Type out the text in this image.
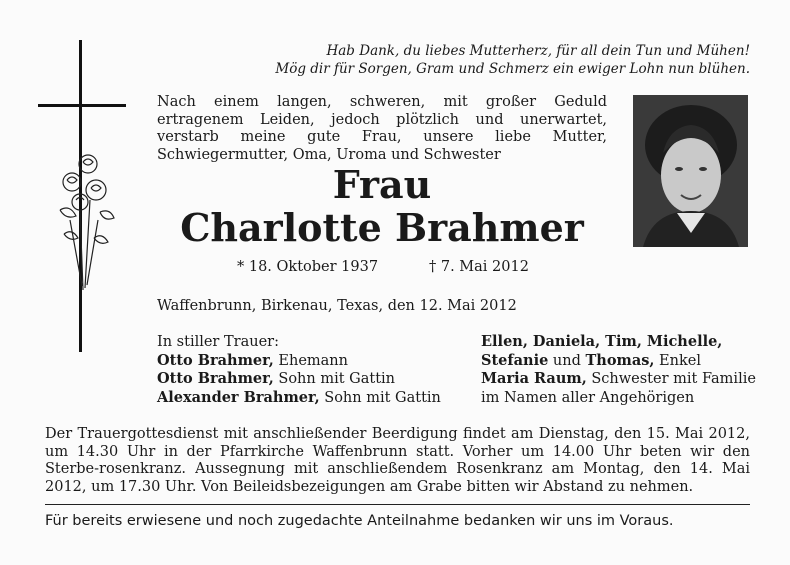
Hab Dank, du liebes Mutterherz, für all dein Tun und Mühen!
Mög dir für Sorgen, Gram und Schmerz ein ewiger Lohn nun blühen.
Nach einem langen, schweren, mit großer Geduld ertragenem Leiden, jedoch plötzlich und unerwartet, verstarb meine gute Frau, unsere liebe Mutter, Schwiegermutter, Oma, Uroma und Schwester
Frau
Charlotte Brahmer
* 18. Oktober 1937	† 7. Mai 2012
Waffenbrunn, Birkenau, Texas, den 12. Mai 2012
In stiller Trauer:
Otto Brahmer, Ehemann
Otto Brahmer, Sohn mit Gattin
Alexander Brahmer, Sohn mit Gattin
Ellen, Daniela, Tim, Michelle,
Stefanie und Thomas, Enkel
Maria Raum, Schwester mit Familie
im Namen aller Angehörigen
Der Trauergottesdienst mit anschließender Beerdigung findet am Dienstag, den 15. Mai 2012, um 14.30 Uhr in der Pfarrkirche Waffenbrunn statt. Vorher um 14.00 Uhr beten wir den Sterbe-rosenkranz. Aussegnung mit anschließendem Rosenkranz am Montag, den 14. Mai 2012, um 17.30 Uhr. Von Beileidsbezeigungen am Grabe bitten wir Abstand zu nehmen.
Für bereits erwiesene und noch zugedachte Anteilnahme bedanken wir uns im Voraus.
